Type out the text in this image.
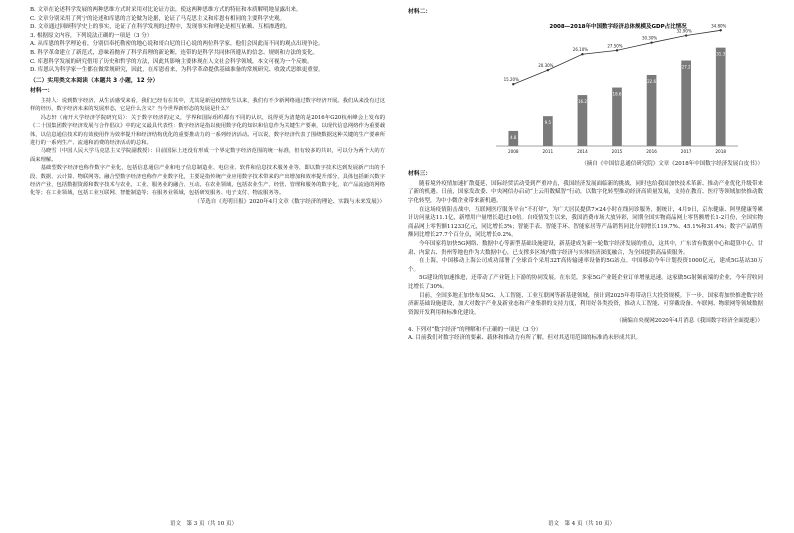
B. 文章在论述科学发展的两种思维方式时采用对比论证方法，使这两种思维方式的特征和本质解明地显露出来。

C. 文章分别采用了列宁的论述和库恩的言论做为论据，论证了马克思主义和库恩有相同的主要科学史观。

D. 文章通过回顾科学史上的事实，论证了在科学发现的过程中，发现事实和理论是相互依赖、互相渗透的。

3. 根据原文内容，下列说法正确的一项是（3 分）

A. 从库恩的科学理论看，分别信奉托勒密的地心说和哥白尼的日心说的两位科学家，他们会因此而不同的观点出现争论。

B. 科学革命建立了新范式，意味着抛弃了科学真理的新论断，连带的是科学共同体所遵从的信念、规则和方法的变化。

C. 库恩科学发展的研究借用了历史和哲学的方法，因此其影响主要体现在人文社会科学领域，本文可视为一个反映。

D. 库恩认为科学家一生都在做常规研究，因此，在库恩看来，为科学革命提供基础准备的常规研究、收敛式思维更重要。

（二）实用类文本阅读（本题共 3 小题，12 分）

材料一：

主持人：说到数字经济，从生活感受来看，我们已经有在其中，尤其是新冠疫情发生以来，我们有不少新网络通过数字经济开展。我们从来没有过这样的经历，数字经济未来的发展形态，它是什么含义？当今世界新形态的发展是什么？

冯志轩（南开大学经济学院研究员）：关于数字经济的定义，学界和国际组织都有不同的认识，说得更为清楚的是2016年G20杭州峰会上发布的《二十国集团数字经济发展与合作倡议》中的定义最具代表性：数字经济是指以使用数字化的知识和信息作为关键生产要素，以现代信息网络作为重要载体，以信息通信技术的有效使用作为效率提升和经济结构优化的重要推动力的一系列经济活动。可以说，数字经济代表了围绕数据这种关键的生产要素所进行的一系列生产、流通和消费的经济活动的总和。

马晓雪（中国人民大学马克思主义学院副教授）：目前国际上还没有形成一个界定数字经济范围的统一标准，但有较多的共识，可以分为两个大的方面来理解。

基础型数字经济也称作数字产业化，包括信息通信产业和电子信息制造业、电信业、软件和信息技术服务业等，即以数字技术达到发展新产出的手段、数据、云计算、物联网等。融合型数字经济也称作产业数字化，主要是指传统产业应用数字技术带来的产出增加和效率提升部分，具体包括新兴数字经济产业，包括数据资源和数字技术与农业，工业、服务业的融合、互动。在农业领域，包括农业生产、经营、管理和服务的数字化，农产品流通的网络化等；在工业领域，包括工业互联网、智能制造等；在服务业领域，包括研发服务、电子支付、物流服务等。

（节选自《光明日报》2020年4月文章《数字经济的理论、实践与未来发展》）

语文　第 3 页（共 10 页）

材料二：

2008—2018年中国数字经济总体规模及GDP占比情况
4.8
2008
15.20%
9.5
2011
20.30%
16.2
2014
26.10%
18.6
2015
27.50%
22.6
2016
30.30%
27.2
2017
32.90%
31.3
2018
34.80%

（摘自《中国信息通信研究院》文章《2018年中国数字经济发展白皮书》）

材料三：

随着境外疫情加速扩散蔓延，国际经贸活动受到严重冲击，我国经济发展面临新的挑战，同时也给我国加快技术革新、推动产业优化升级带来了新的机遇。日前，国家发改委、中央网信办启动“上云用数赋智”行动，以数字化转型推动经济高质量发展，支持在教育、医疗等领域加快推动数字化转型，为中小微企业带来新机遇。

在这场疫情阻击战中，互联网医疗服务平台“不打烊”，为广大居民提供7×24小时在线问诊服务，据统计，4月9日，京东健康、阿里健康等累计访问量达11.1亿，新增用户量增长超过10倍。自疫情发生以来，我国消费市场大放异彩，同期全国实物商品网上零售额增长1-2月份，全国实物商品网上零售额11233亿元，同比增长3%；智能手表、智能手环、智能家居等产品销售同比分别增长119.7%、45.1%和31.4%；数字产品销售额同比增长27.7个百分点，同比增长0.2%。

今年国家将加快5G网络、数据中心等新型基础设施建设，新基建成为新一轮数字经济发展的重点，这其中，广东省有数据中心和超算中心，甘肃、内蒙古、贵州等地也作为大数据中心，已支撑多区域内数字经济与实体经济深度融合，为全国提供高品质服务。

在上海，中国移动上海公司成功部署了全球首个采用32T高传输速率设备的5G站点。中国移动今年计划投资1000亿元，建成5G基站30万个。

5G建设的加速推进，还带动了产业链上下游的协同发展。在东莞，多家5G产业链企业订单增量迅速。这家做5G射频前端的企业，今年营收同比增长了30%。

目前，全国多地正加快布局5G、人工智能、工业互联网等新基建领域，预计到2025年将带动巨大投资规模。下一步，国家将加快推进数字经济新基础设施建设，加大对数字产业及新业态和产业集群的支持力度，利用好各类投资，推动人工智能、可穿戴设备、车联网、物联网等领域数据资源开发利用和标准化建设。

（摘编自央视网2020年4月消息《我国数字经济全面提速》）

4. 下列对“数字经济”的理解和不正确的一项是（3 分）

A. 目前我们对数字经济的要素、载体和推动力有所了解，但对其适用范围的标准尚未形成共识。

语文　第 4 页（共 10 页）
